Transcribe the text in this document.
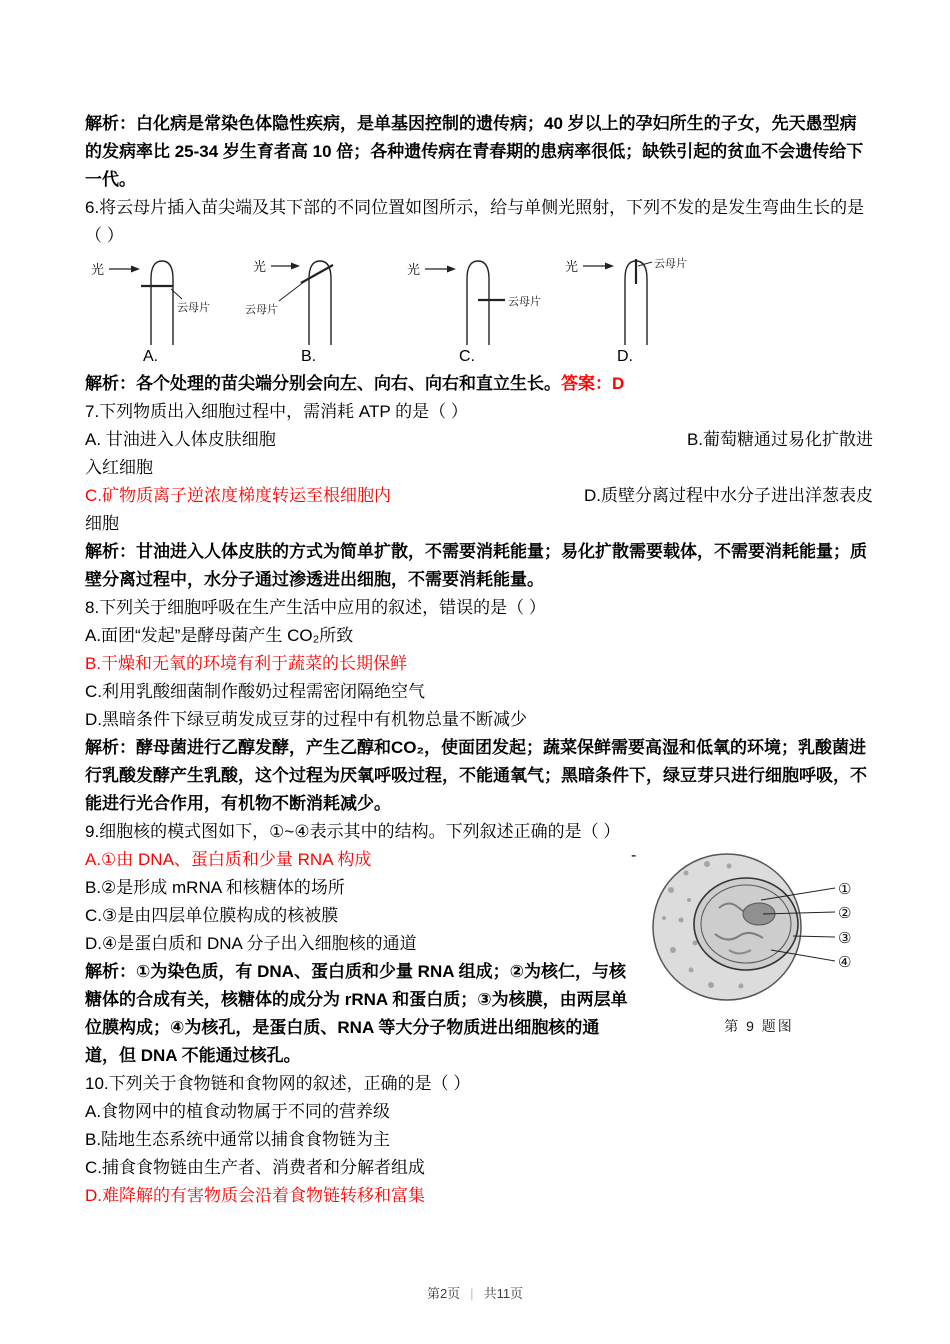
解析：白化病是常染色体隐性疾病，是单基因控制的遗传病；40 岁以上的孕妇所生的子女，先天愚型病的发病率比 25-34 岁生育者高 10 倍；各种遗传病在青春期的患病率很低；缺铁引起的贫血不会遗传给下一代。

6.将云母片插入苗尖端及其下部的不同位置如图所示，给与单侧光照射，下列不发的是发生弯曲生长的是（ ）

光
云母片
A.
光
云母片
B.
光
云母片
C.
光	云母片
D.

解析：各个处理的苗尖端分别会向左、向右、向右和直立生长。答案：D

7.下列物质出入细胞过程中，需消耗 ATP 的是（ ）

A. 甘油进入人体皮肤细胞	B.葡萄糖通过易化扩散进

入红细胞

C.矿物质离子逆浓度梯度转运至根细胞内	D.质壁分离过程中水分子进出洋葱表皮

细胞

解析：甘油进入人体皮肤的方式为简单扩散，不需要消耗能量；易化扩散需要载体，不需要消耗能量；质壁分离过程中，水分子通过渗透进出细胞，不需要消耗能量。

8.下列关于细胞呼吸在生产生活中应用的叙述，错误的是（ ）

A.面团“发起”是酵母菌产生 CO₂所致

B.干燥和无氧的环境有利于蔬菜的长期保鲜

C.利用乳酸细菌制作酸奶过程需密闭隔绝空气

D.黑暗条件下绿豆萌发成豆芽的过程中有机物总量不断减少

解析：酵母菌进行乙醇发酵，产生乙醇和CO₂，使面团发起；蔬菜保鲜需要高湿和低氧的环境；乳酸菌进行乳酸发酵产生乳酸，这个过程为厌氧呼吸过程，不能通氧气；黑暗条件下，绿豆芽只进行细胞呼吸，不能进行光合作用，有机物不断消耗减少。

9.细胞核的模式图如下，①~④表示其中的结构。下列叙述正确的是（ ）

-
①
②
③
④
第 9 题图

A.①由 DNA、蛋白质和少量 RNA 构成

B.②是形成 mRNA 和核糖体的场所

C.③是由四层单位膜构成的核被膜

D.④是蛋白质和 DNA 分子出入细胞核的通道

解析：①为染色质，有 DNA、蛋白质和少量 RNA 组成；②为核仁，与核糖体的合成有关，核糖体的成分为 rRNA 和蛋白质；③为核膜，由两层单位膜构成；④为核孔，是蛋白质、RNA 等大分子物质进出细胞核的通道，但 DNA 不能通过核孔。

10.下列关于食物链和食物网的叙述，正确的是（ ）

A.食物网中的植食动物属于不同的营养级

B.陆地生态系统中通常以捕食食物链为主

C.捕食食物链由生产者、消费者和分解者组成

D.难降解的有害物质会沿着食物链转移和富集

第2页 | 共11页
